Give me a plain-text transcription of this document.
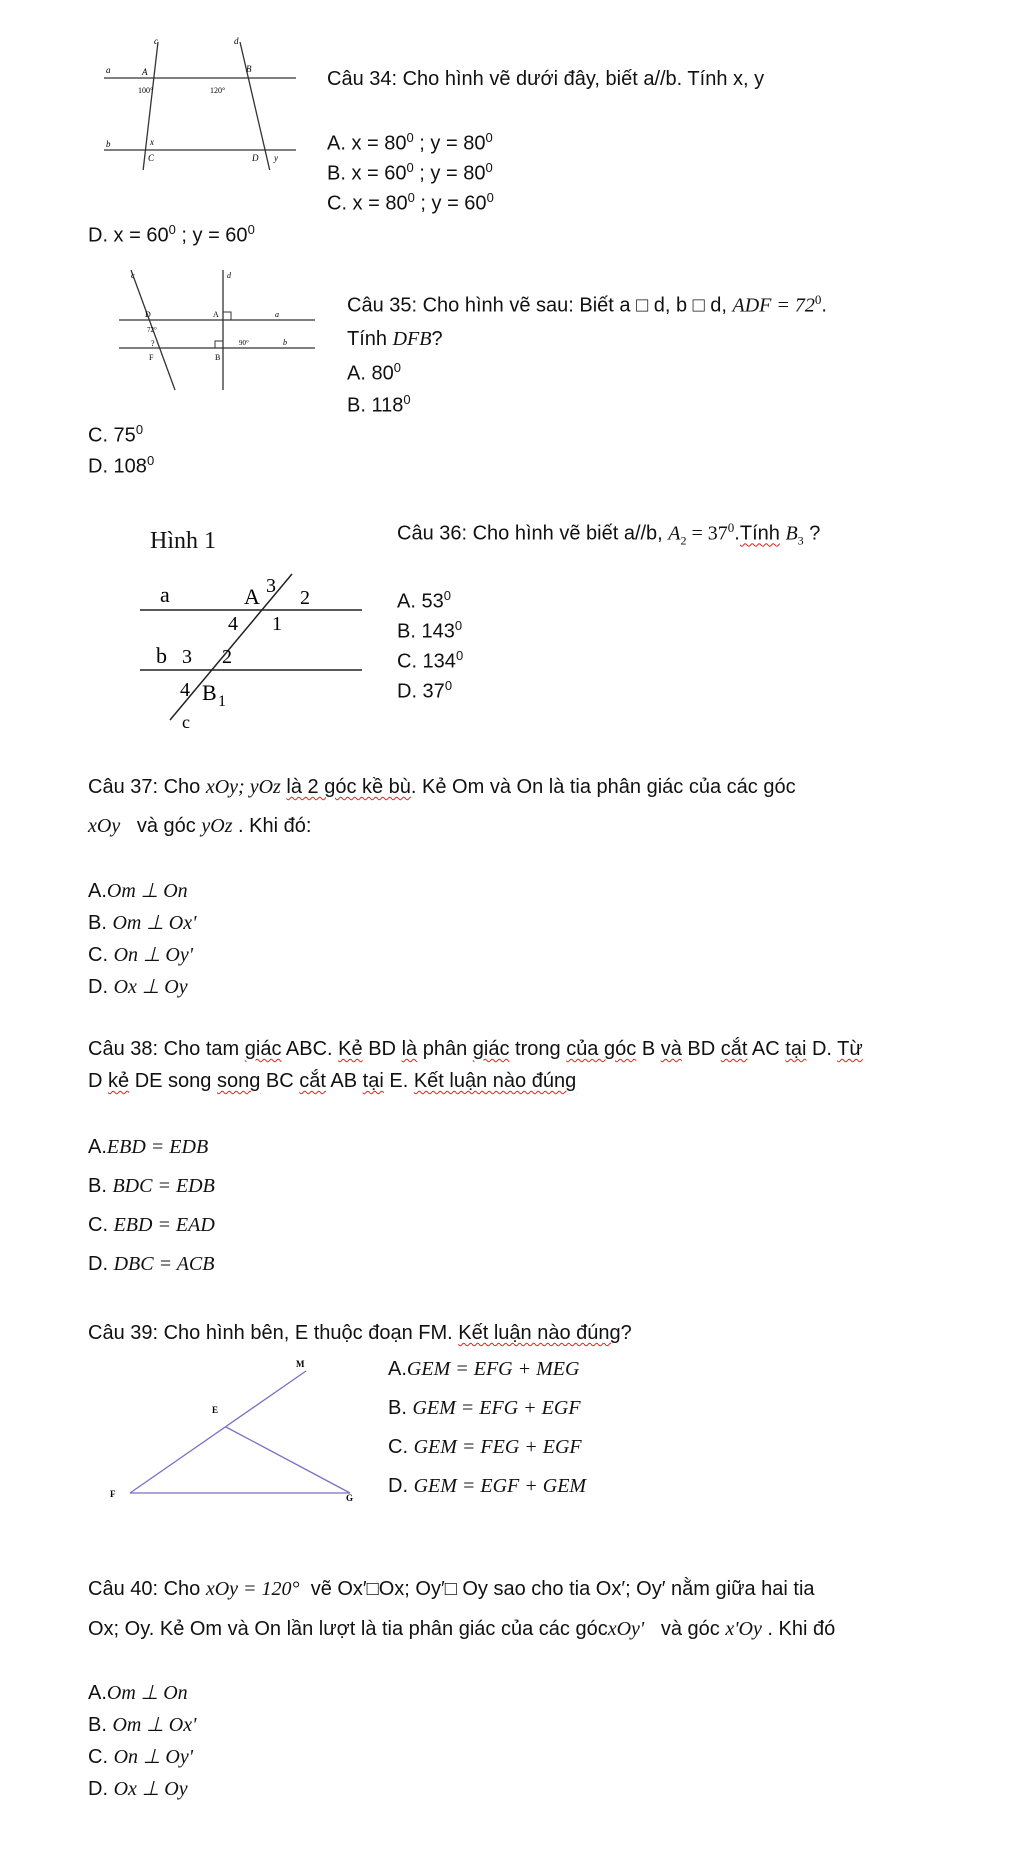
a
c	d
A	B
100°	120°
b	x
C	D y
Câu 34: Cho hình vẽ dưới đây, biết a//b. Tính x, y
A. $x = 80^0$ ; $y = 80^0$
B. $x = 60^0$ ; $y = 80^0$
C. $x = 80^0$ ; $y = 60^0$
D. $x = 60^0$ ; $y = 60^0$
c	d
D	A	a
72°
?	90°	b
F	B
Câu 35: Cho hình vẽ sau: Biết a □ d, b □ d, ADF = $72^0$.
Tính DFB?
A. $80^0$
B. $118^0$
C. $75^0$
D. $108^0$
Hình 1
a	A 3
2
4 1
b 3 2
4 B 1
c
Câu 36: Cho hình vẽ biết a//b, $A_2$ = $37^0.Tính$ $B_3$ ?
A. $53^0$
B. $143^0$
C. $134^0$
D. $37^0$
Câu 37: Cho xOy; yOz là 2 góc kề bù. Kẻ Om và On là tia phân giác của các góc
xOy và góc yOz . Khi đó:
A.Om ⊥ On
B. Om ⊥ Ox'
C. On ⊥ Oy'
D. Ox ⊥ Oy
Câu 38: Cho tam giác ABC. Kẻ BD là phân giác trong của góc B và BD cắt AC tại D. Từ
D kẻ DE song song BC cắt AB tại E. Kết luận nào đúng
A.EBD = EDB
B. BDC = EDB
C. EBD = EAD
D. DBC = ACB
Câu 39: Cho hình bên, E thuộc đoạn FM. Kết luận nào đúng?
M
E
F	G
A.GEM = EFG + MEG
B. GEM = EFG + EGF
C. GEM = FEG + EGF
D. GEM = EGF + GEM
Câu 40: Cho xOy = 120° vẽ Ox′□Ox; Oy′□ Oy sao cho tia Ox′; Oy′ nằm giữa hai tia
Ox; Oy. Kẻ Om và On lần lượt là tia phân giác của các gócxOy' và góc x'Oy . Khi đó
A.Om ⊥ On
B. Om ⊥ Ox'
C. On ⊥ Oy'
D. Ox ⊥ Oy
